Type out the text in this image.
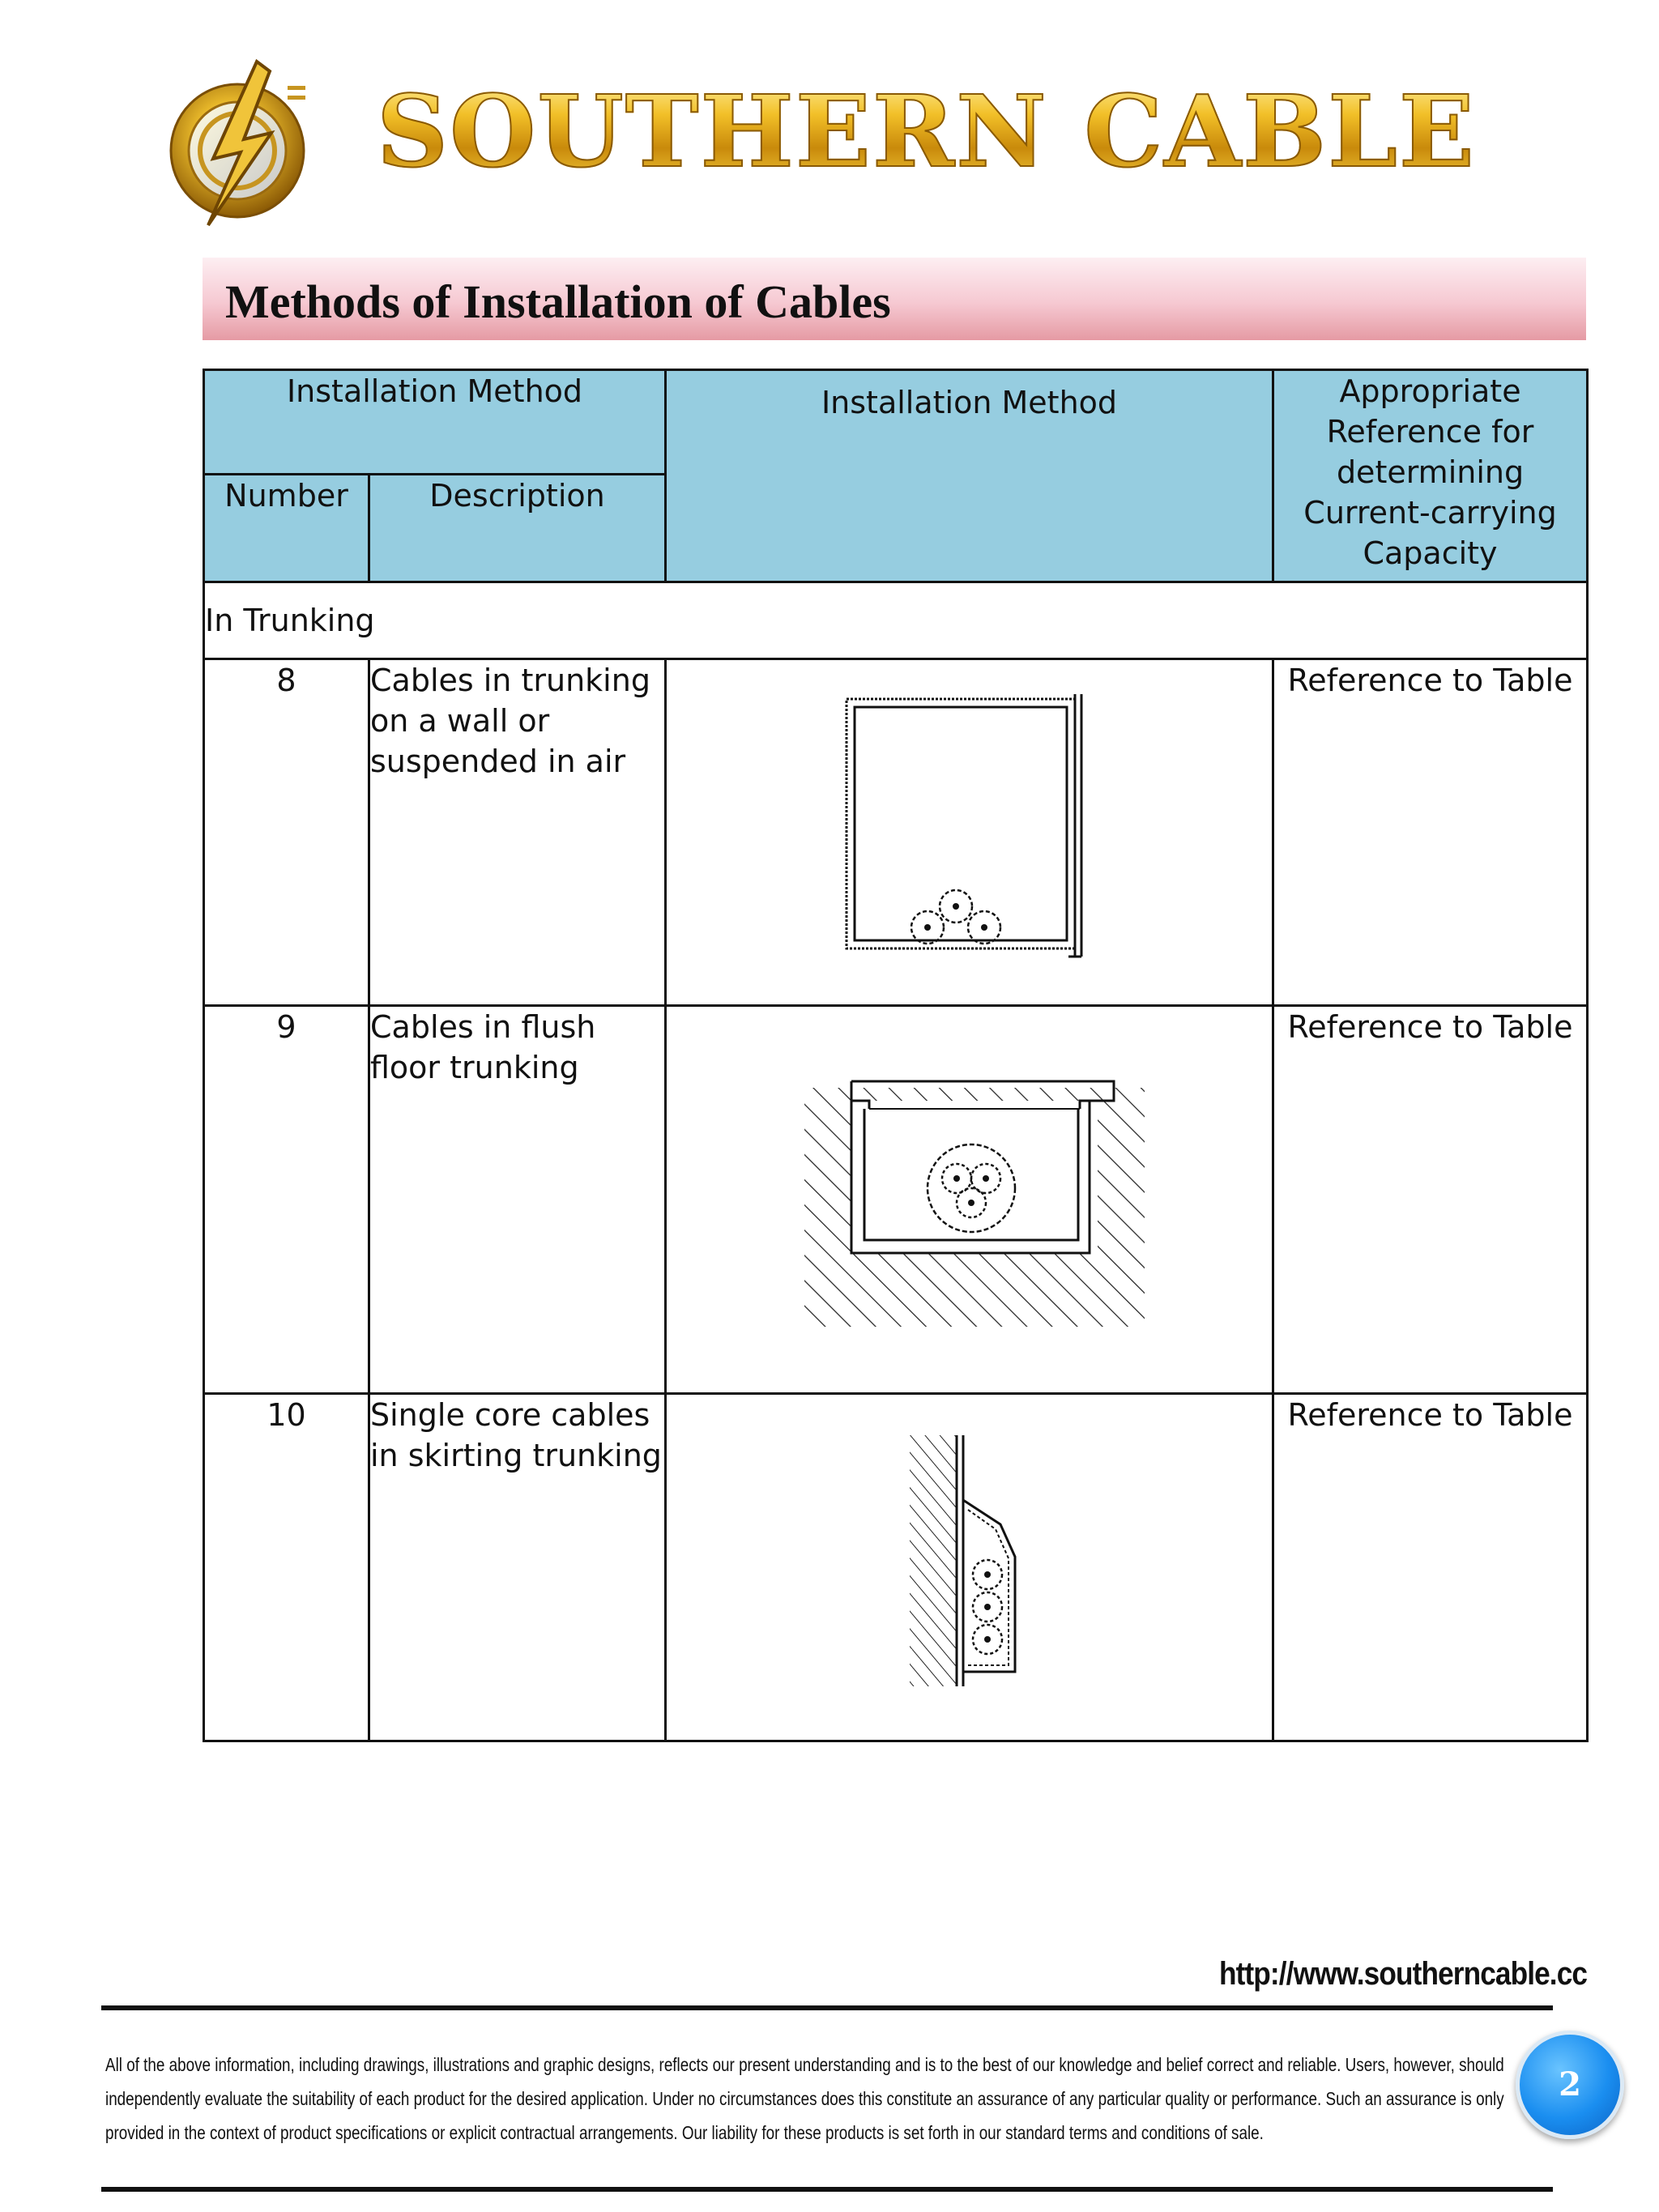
SOUTHERN CABLE
Methods of Installation of Cables
Installation Method		Installation Method	Appropriate Reference for determining Current-carrying Capacity
Number	Description		
In Trunking			
8	Cables in trunking on a wall or suspended in air		Reference to Table
9	Cables in flush floor trunking		Reference to Table
10	Single core cables in skirting trunking		Reference to Table
http://www.southerncable.cc
All of the above information, including drawings, illustrations and graphic designs, reflects our present understanding and is to the best of our knowledge and belief correct and reliable. Users, however, should independently evaluate the suitability of each product for the desired application. Under no circumstances does this constitute an assurance of any particular quality or performance. Such an assurance is only provided in the context of product specifications or explicit contractual arrangements. Our liability for these products is set forth in our standard terms and conditions of sale.
2
